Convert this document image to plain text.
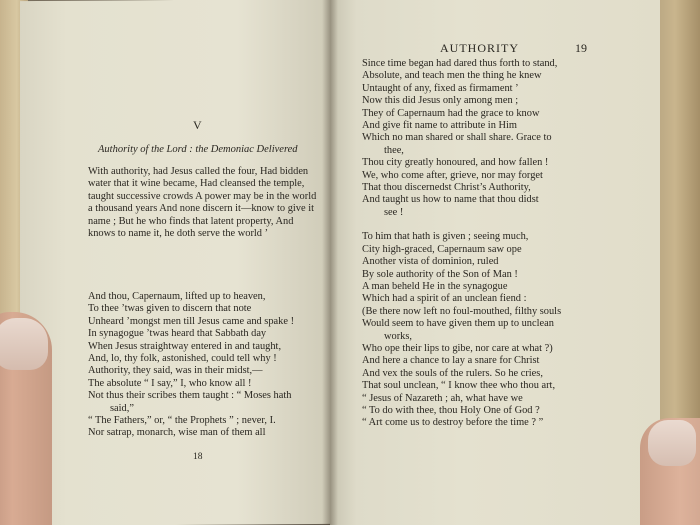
V
Authority of the Lord : the Demoniac Delivered
With authority, had Jesus called the four, Had bidden water that it wine became, Had cleansed the temple, taught successive crowds A power may be in the world a thousand years And none discern it—know to give it name ; But he who finds that latent property, And knows to name it, he doth serve the world ’
And thou, Capernaum, lifted up to heaven,
To thee ’twas given to discern that note
Unheard ’mongst men till Jesus came and spake !
In synagogue ’twas heard that Sabbath day
When Jesus straightway entered in and taught,
And, lo, thy folk, astonished, could tell why !
Authority, they said, was in their midst,—
The absolute “ I say,” I, who know all !
Not thus their scribes them taught : “ Moses hath
said,”
“ The Fathers,” or, “ the Prophets ” ; never, I.
Nor satrap, monarch, wise man of them all
18
AUTHORITY	19
Since time began had dared thus forth to stand,
Absolute, and teach men the thing he knew
Untaught of any, fixed as firmament ’
Now this did Jesus only among men ;
They of Capernaum had the grace to know
And give fit name to attribute in Him
Which no man shared or shall share. Grace to
thee,
Thou city greatly honoured, and how fallen !
We, who come after, grieve, nor may forget
That thou discernedst Christ’s Authority,
And taught us how to name that thou didst
see !
To him that hath is given ; seeing much,
City high-graced, Capernaum saw ope
Another vista of dominion, ruled
By sole authority of the Son of Man !
A man beheld He in the synagogue
Which had a spirit of an unclean fiend :
(Be there now left no foul-mouthed, filthy souls
Would seem to have given them up to unclean
works,
Who ope their lips to gibe, nor care at what ?)
And here a chance to lay a snare for Christ
And vex the souls of the rulers. So he cries,
That soul unclean, “ I know thee who thou art,
“ Jesus of Nazareth ; ah, what have we
“ To do with thee, thou Holy One of God ?
“ Art come us to destroy before the time ? ”
